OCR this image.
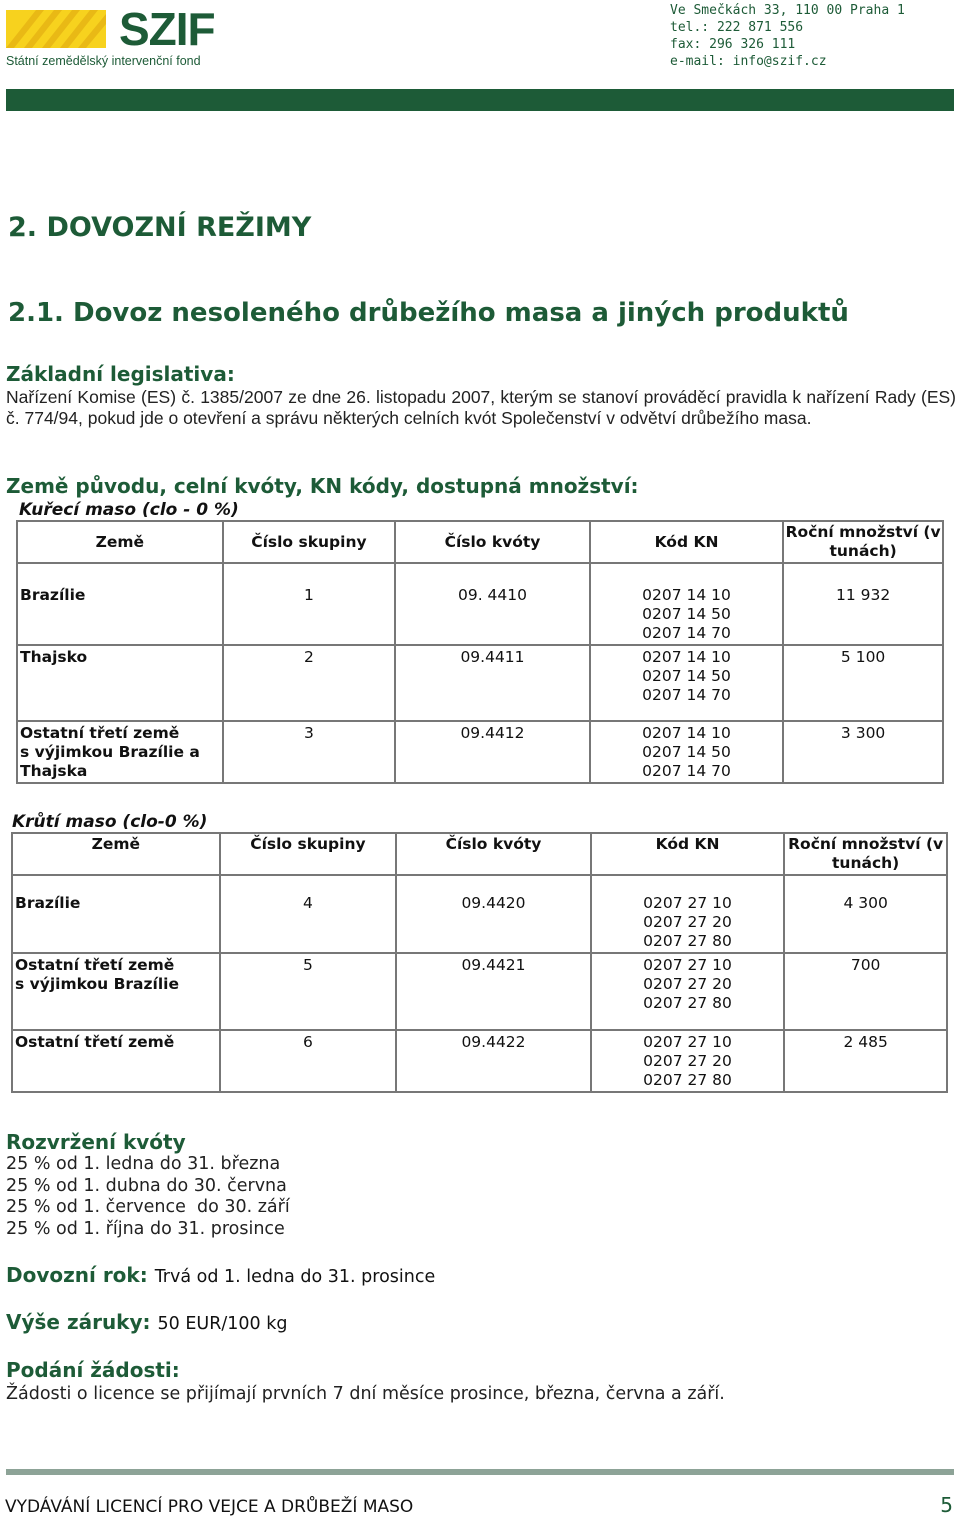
SZIF
Státní zemědělský intervenční fond
Ve Smečkách 33, 110 00 Praha 1
tel.: 222 871 556
fax: 296 326 111
e-mail: info@szif.cz
2. DOVOZNÍ REŽIMY
2.1. Dovoz nesoleného drůbežího masa a jiných produktů
Základní legislativa:
Nařízení Komise (ES) č. 1385/2007 ze dne 26. listopadu 2007, kterým se stanoví prováděcí pravidla k nařízení Rady (ES) č. 774/94, pokud jde o otevření a správu některých celních kvót Společenství v odvětví drůbežího masa.
Země původu, celní kvóty, KN kódy, dostupná množství:
Kuřecí maso (clo - 0 %)
Země	Číslo skupiny	Číslo kvóty	Kód KN	Roční množství (v tunách)

Brazílie	1	09. 4410	0207 14 10
0207 14 50
0207 14 70	11 932

Thajsko	2	09.4411	0207 14 10
0207 14 50
0207 14 70	5 100

Ostatní třetí země
s výjimkou Brazílie a
Thajska	3	09.4412	0207 14 10
0207 14 50
0207 14 70	3 300
Krůtí maso (clo-0 %)
Země	Číslo skupiny	Číslo kvóty	Kód KN	Roční množství (v tunách)

Brazílie	4	09.4420	0207 27 10
0207 27 20
0207 27 80	4 300

Ostatní třetí země
s výjimkou Brazílie	5	09.4421	0207 27 10
0207 27 20
0207 27 80	700

Ostatní třetí země	6	09.4422	0207 27 10
0207 27 20
0207 27 80	2 485
Rozvržení kvóty
25 % od 1. ledna do 31. března
25 % od 1. dubna do 30. června
25 % od 1. července  do 30. září
25 % od 1. října do 31. prosince
Dovozní rok: Trvá od 1. ledna do 31. prosince
Výše záruky: 50 EUR/100 kg
Podání žádosti:
Žádosti o licence se přijímají prvních 7 dní měsíce prosince, března, června a září.
VYDÁVÁNÍ LICENCÍ PRO VEJCE A DRŮBEŽÍ MASO	5
